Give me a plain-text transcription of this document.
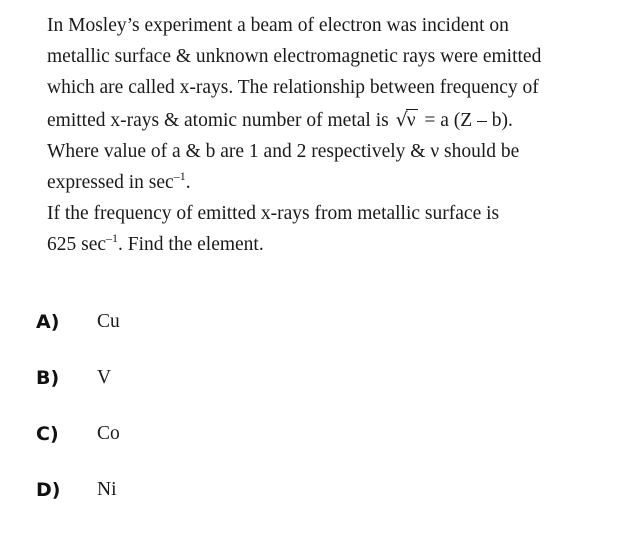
In Mosley’s experiment a beam of electron was incident on
metallic surface & unknown electromagnetic rays were emitted
which are called x-rays. The relationship between frequency of
emitted x-rays & atomic number of metal is √ν = a (Z – b).
Where value of a & b are 1 and 2 respectively & ν should be
expressed in $\sec^{-1}$.
If the frequency of emitted x-rays from metallic surface is
625 $\sec^{-1}$. Find the element.
A) Cu
B) V
C) Co
D) Ni
